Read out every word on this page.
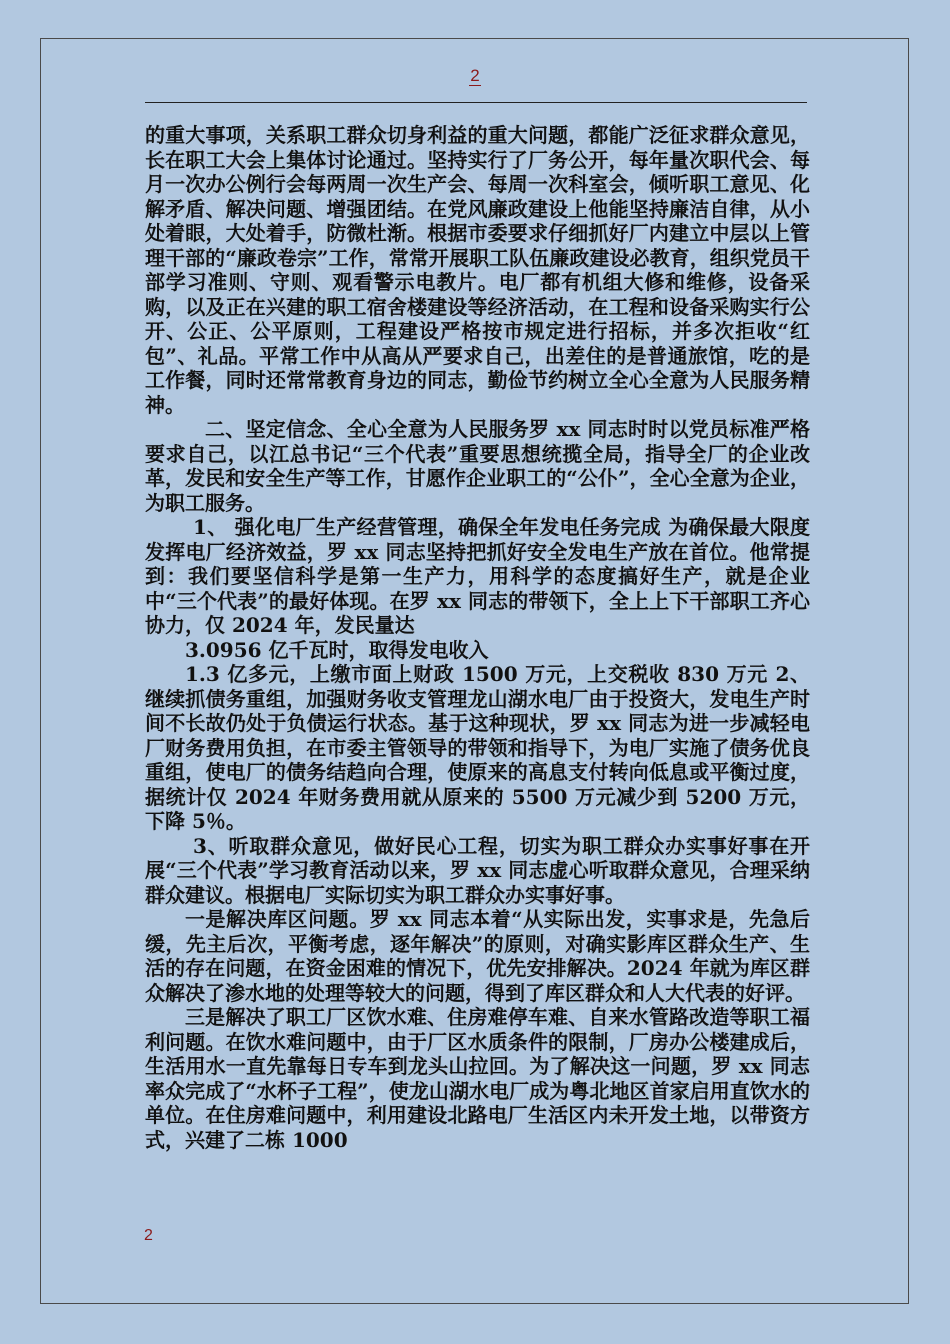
2

的重大事项，关系职工群众切身利益的重大问题，都能广泛征求群众意见，长在职工大会上集体讨论通过。坚持实行了厂务公开，每年量次职代会、每月一次办公例行会每两周一次生产会、每周一次科室会，倾听职工意见、化解矛盾、解决问题、增强团结。在党风廉政建设上他能坚持廉洁自律，从小处着眼，大处着手，防微杜渐。根据市委要求仔细抓好厂内建立中层以上管理干部的“廉政卷宗”工作，常常开展职工队伍廉政建设必教育，组织党员干部学习准则、守则、观看警示电教片。电厂都有机组大修和维修，设备采购，以及正在兴建的职工宿舍楼建设等经济活动，在工程和设备采购实行公开、公正、公平原则，工程建设严格按市规定进行招标，并多次拒收“红包”、礼品。平常工作中从高从严要求自己，出差住的是普通旅馆，吃的是工作餐，同时还常常教育身边的同志，勤俭节约树立全心全意为人民服务精神。

二、坚定信念、全心全意为人民服务罗 xx 同志时时以党员标准严格要求自己，以江总书记“三个代表”重要思想统揽全局，指导全厂的企业改革，发民和安全生产等工作，甘愿作企业职工的“公仆”，全心全意为企业，为职工服务。

1、 强化电厂生产经营管理，确保全年发电任务完成 为确保最大限度发挥电厂经济效益，罗 xx 同志坚持把抓好安全发电生产放在首位。他常提到：我们要坚信科学是第一生产力，用科学的态度搞好生产，就是企业中“三个代表”的最好体现。在罗 xx 同志的带领下，全上上下干部职工齐心协力，仅 2024 年，发民量达

3.0956 亿千瓦时，取得发电收入

1.3 亿多元，上缴市面上财政 1500 万元，上交税收 830 万元 2、继续抓债务重组，加强财务收支管理龙山湖水电厂由于投资大，发电生产时间不长故仍处于负债运行状态。基于这种现状，罗 xx 同志为进一步减轻电厂财务费用负担，在市委主管领导的带领和指导下，为电厂实施了债务优良重组，使电厂的债务结趋向合理，使原来的高息支付转向低息或平衡过度，据统计仅 2024 年财务费用就从原来的 5500 万元减少到 5200 万元，下降 5％。

3、听取群众意见，做好民心工程，切实为职工群众办实事好事在开展“三个代表”学习教育活动以来，罗 xx 同志虚心听取群众意见，合理采纳群众建议。根据电厂实际切实为职工群众办实事好事。

一是解决库区问题。罗 xx 同志本着“从实际出发，实事求是，先急后缓，先主后次，平衡考虑，逐年解决”的原则，对确实影库区群众生产、生活的存在问题，在资金困难的情况下，优先安排解决。2024 年就为库区群众解决了渗水地的处理等较大的问题，得到了库区群众和人大代表的好评。

三是解决了职工厂区饮水难、住房难停车难、自来水管路改造等职工福利问题。在饮水难问题中，由于厂区水质条件的限制，厂房办公楼建成后，生活用水一直先靠每日专车到龙头山拉回。为了解决这一问题，罗 xx 同志率众完成了“水杯子工程”，使龙山湖水电厂成为粤北地区首家启用直饮水的单位。在住房难问题中，利用建设北路电厂生活区内未开发土地，以带资方式，兴建了二栋 1000

2
